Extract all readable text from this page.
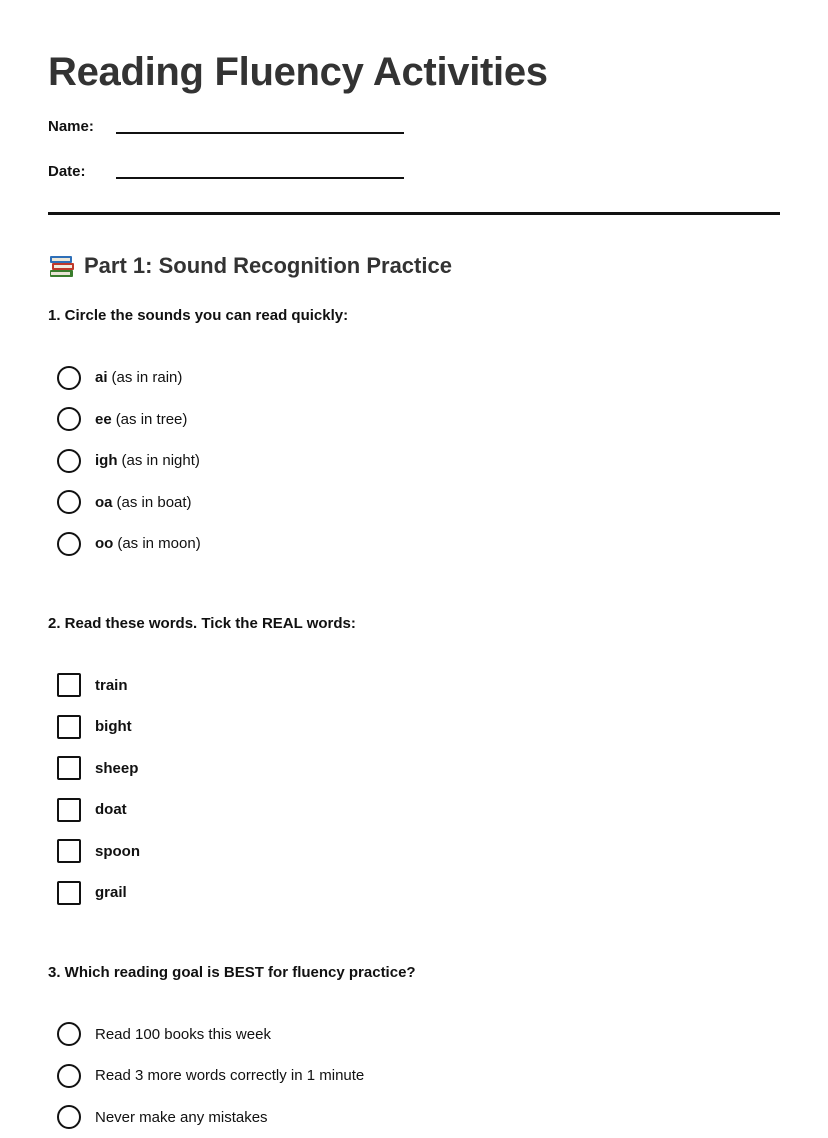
Reading Fluency Activities
Name:
Date:
Part 1: Sound Recognition Practice

1. Circle the sounds you can read quickly:

ai (as in rain)
ee (as in tree)
igh (as in night)
oa (as in boat)
oo (as in moon)

2. Read these words. Tick the REAL words:

train
bight
sheep
doat
spoon
grail

3. Which reading goal is BEST for fluency practice?

Read 100 books this week
Read 3 more words correctly in 1 minute
Never make any mistakes
